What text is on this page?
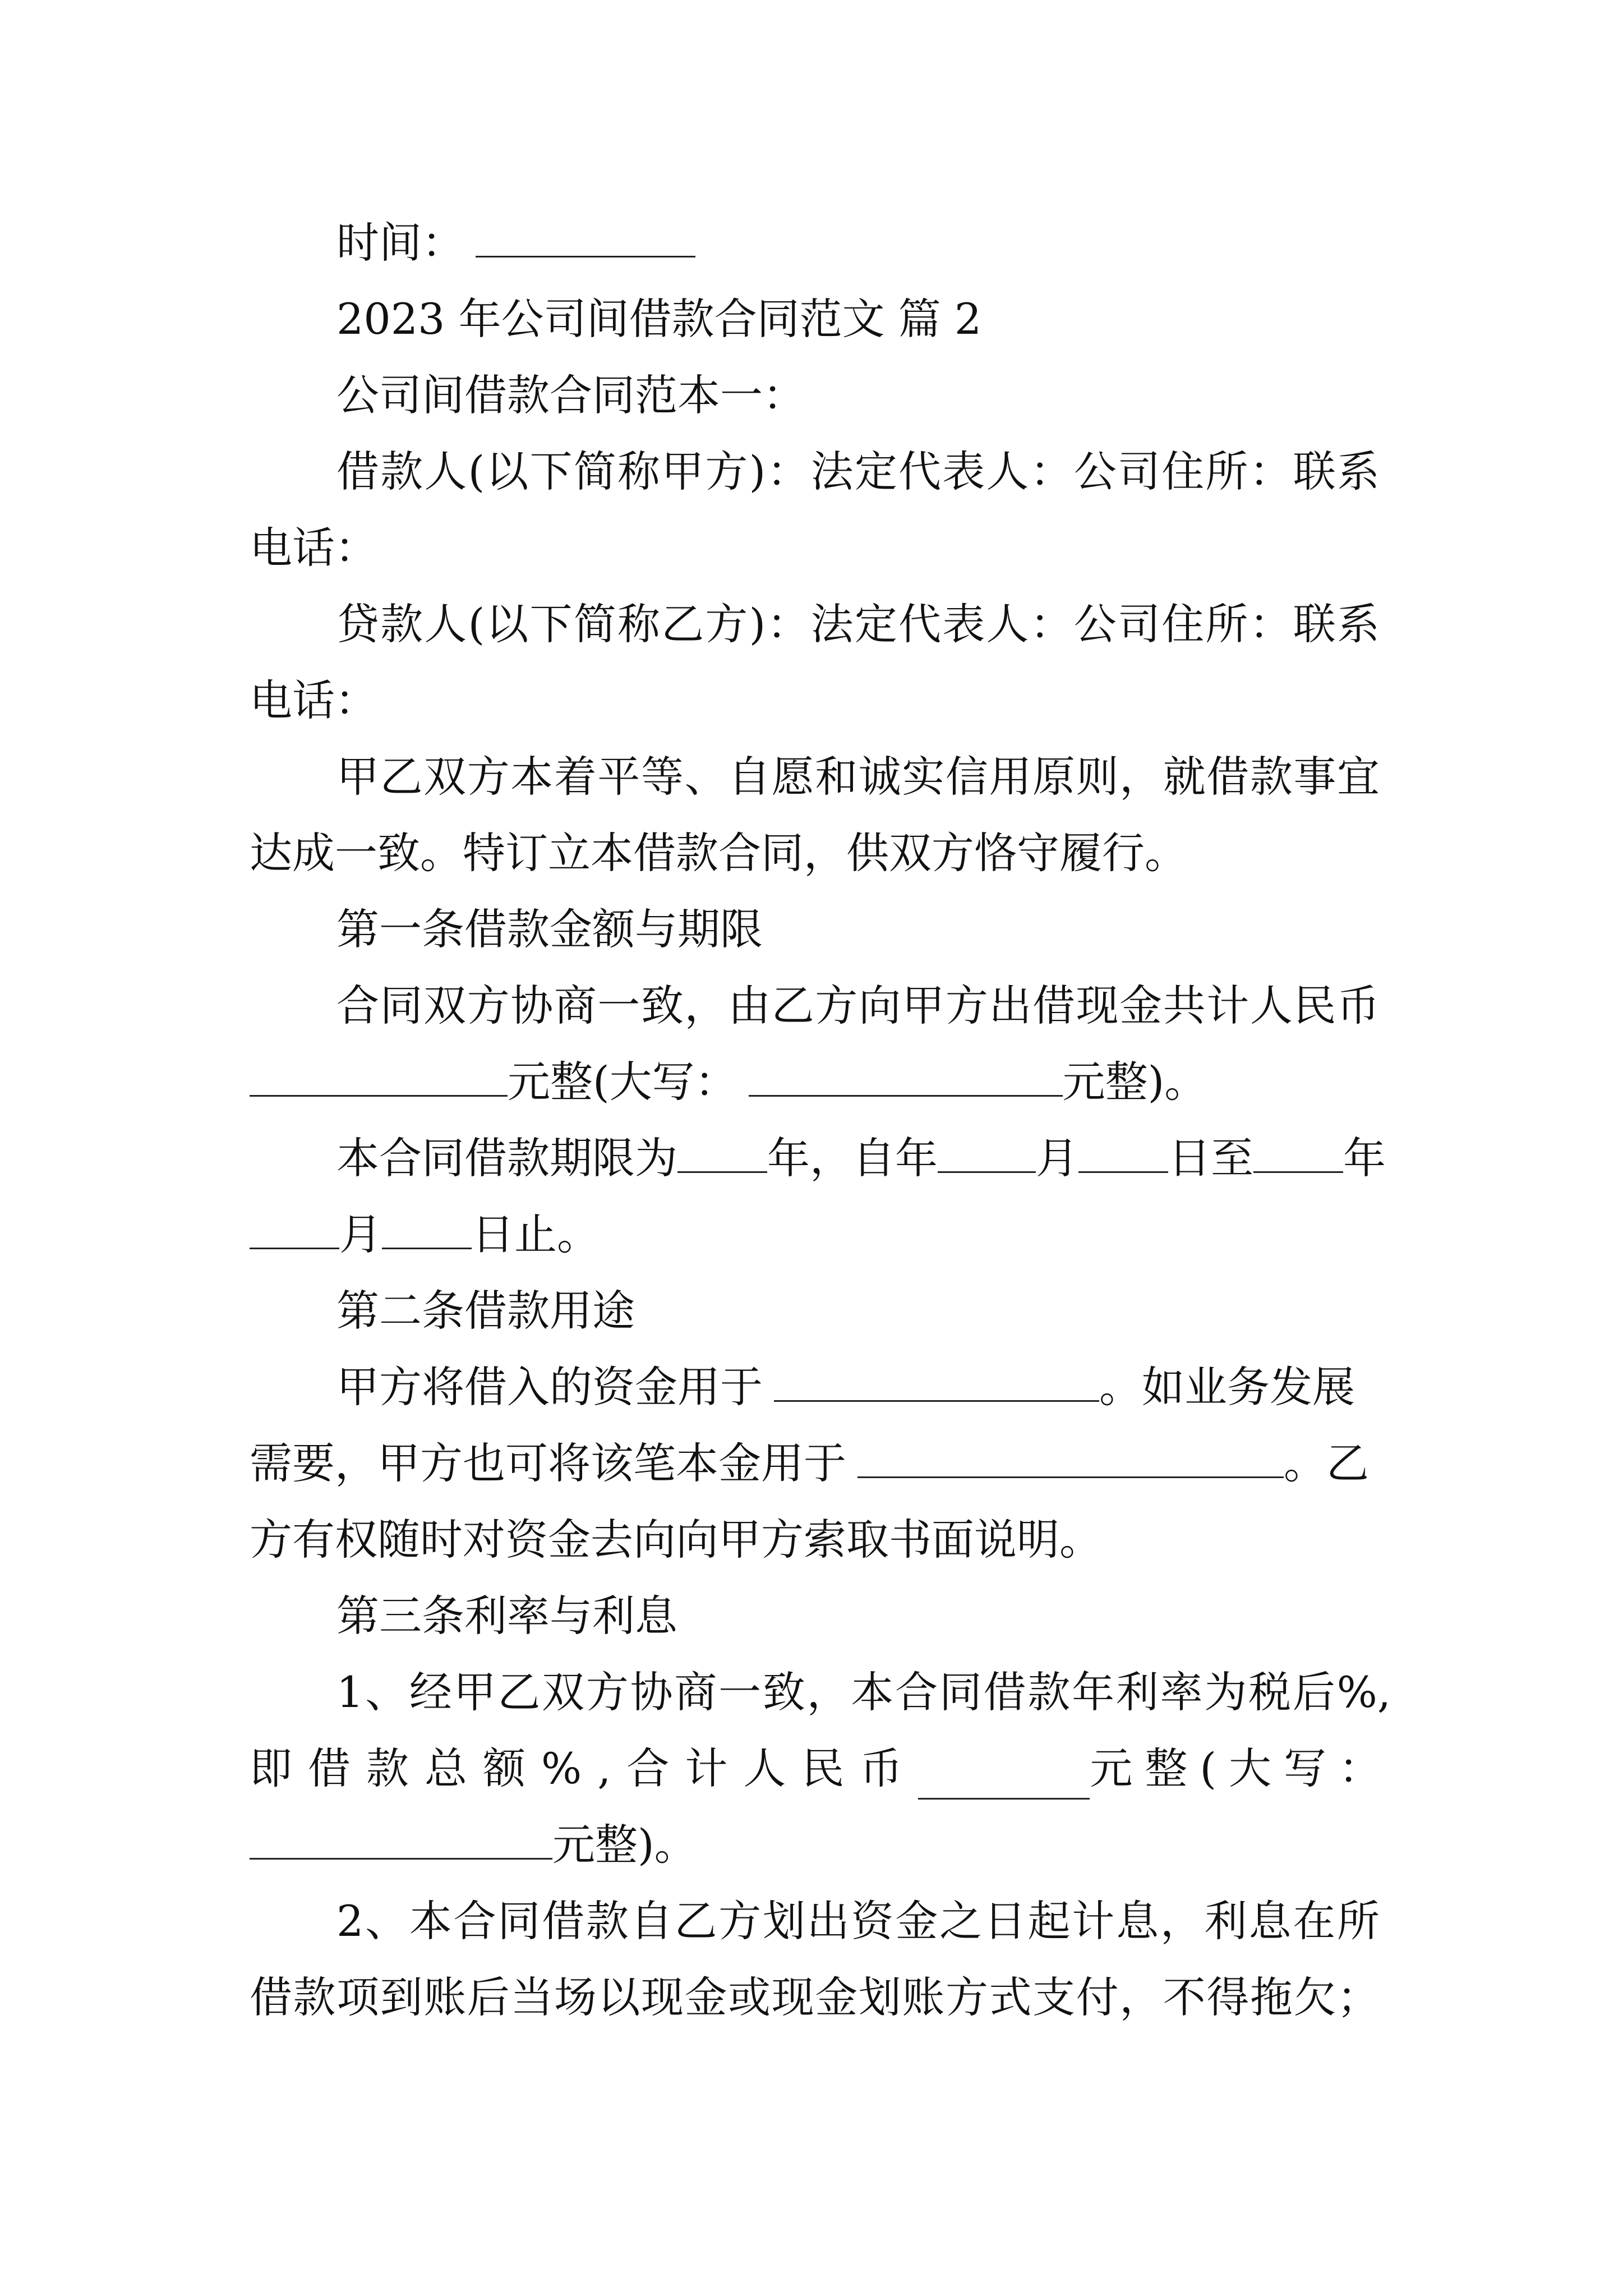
时间：
2023 年公司间借款合同范文 篇 2
公司间借款合同范本一：
借款人(以下简称甲方)：法定代表人：公司住所：联系
电话：
贷款人(以下简称乙方)：法定代表人：公司住所：联系
电话：
甲乙双方本着平等、自愿和诚实信用原则，就借款事宜
达成一致。特订立本借款合同，供双方恪守履行。
第一条借款金额与期限
合同双方协商一致，由乙方向甲方出借现金共计人民币
元整(大写：	元整)。
本合同借款期限为 年，自年 月 日至 年
月 日止。
第二条借款用途
甲方将借入的资金用于	。如业务发展
需要，甲方也可将该笔本金用于	。乙
方有权随时对资金去向向甲方索取书面说明。
第三条利率与利息
1、经甲乙双方协商一致，本合同借款年利率为税后%,
即借款总额%,合计人民币	元整(大写：
元整)。
2、本合同借款自乙方划出资金之日起计息，利息在所
借款项到账后当场以现金或现金划账方式支付，不得拖欠；
